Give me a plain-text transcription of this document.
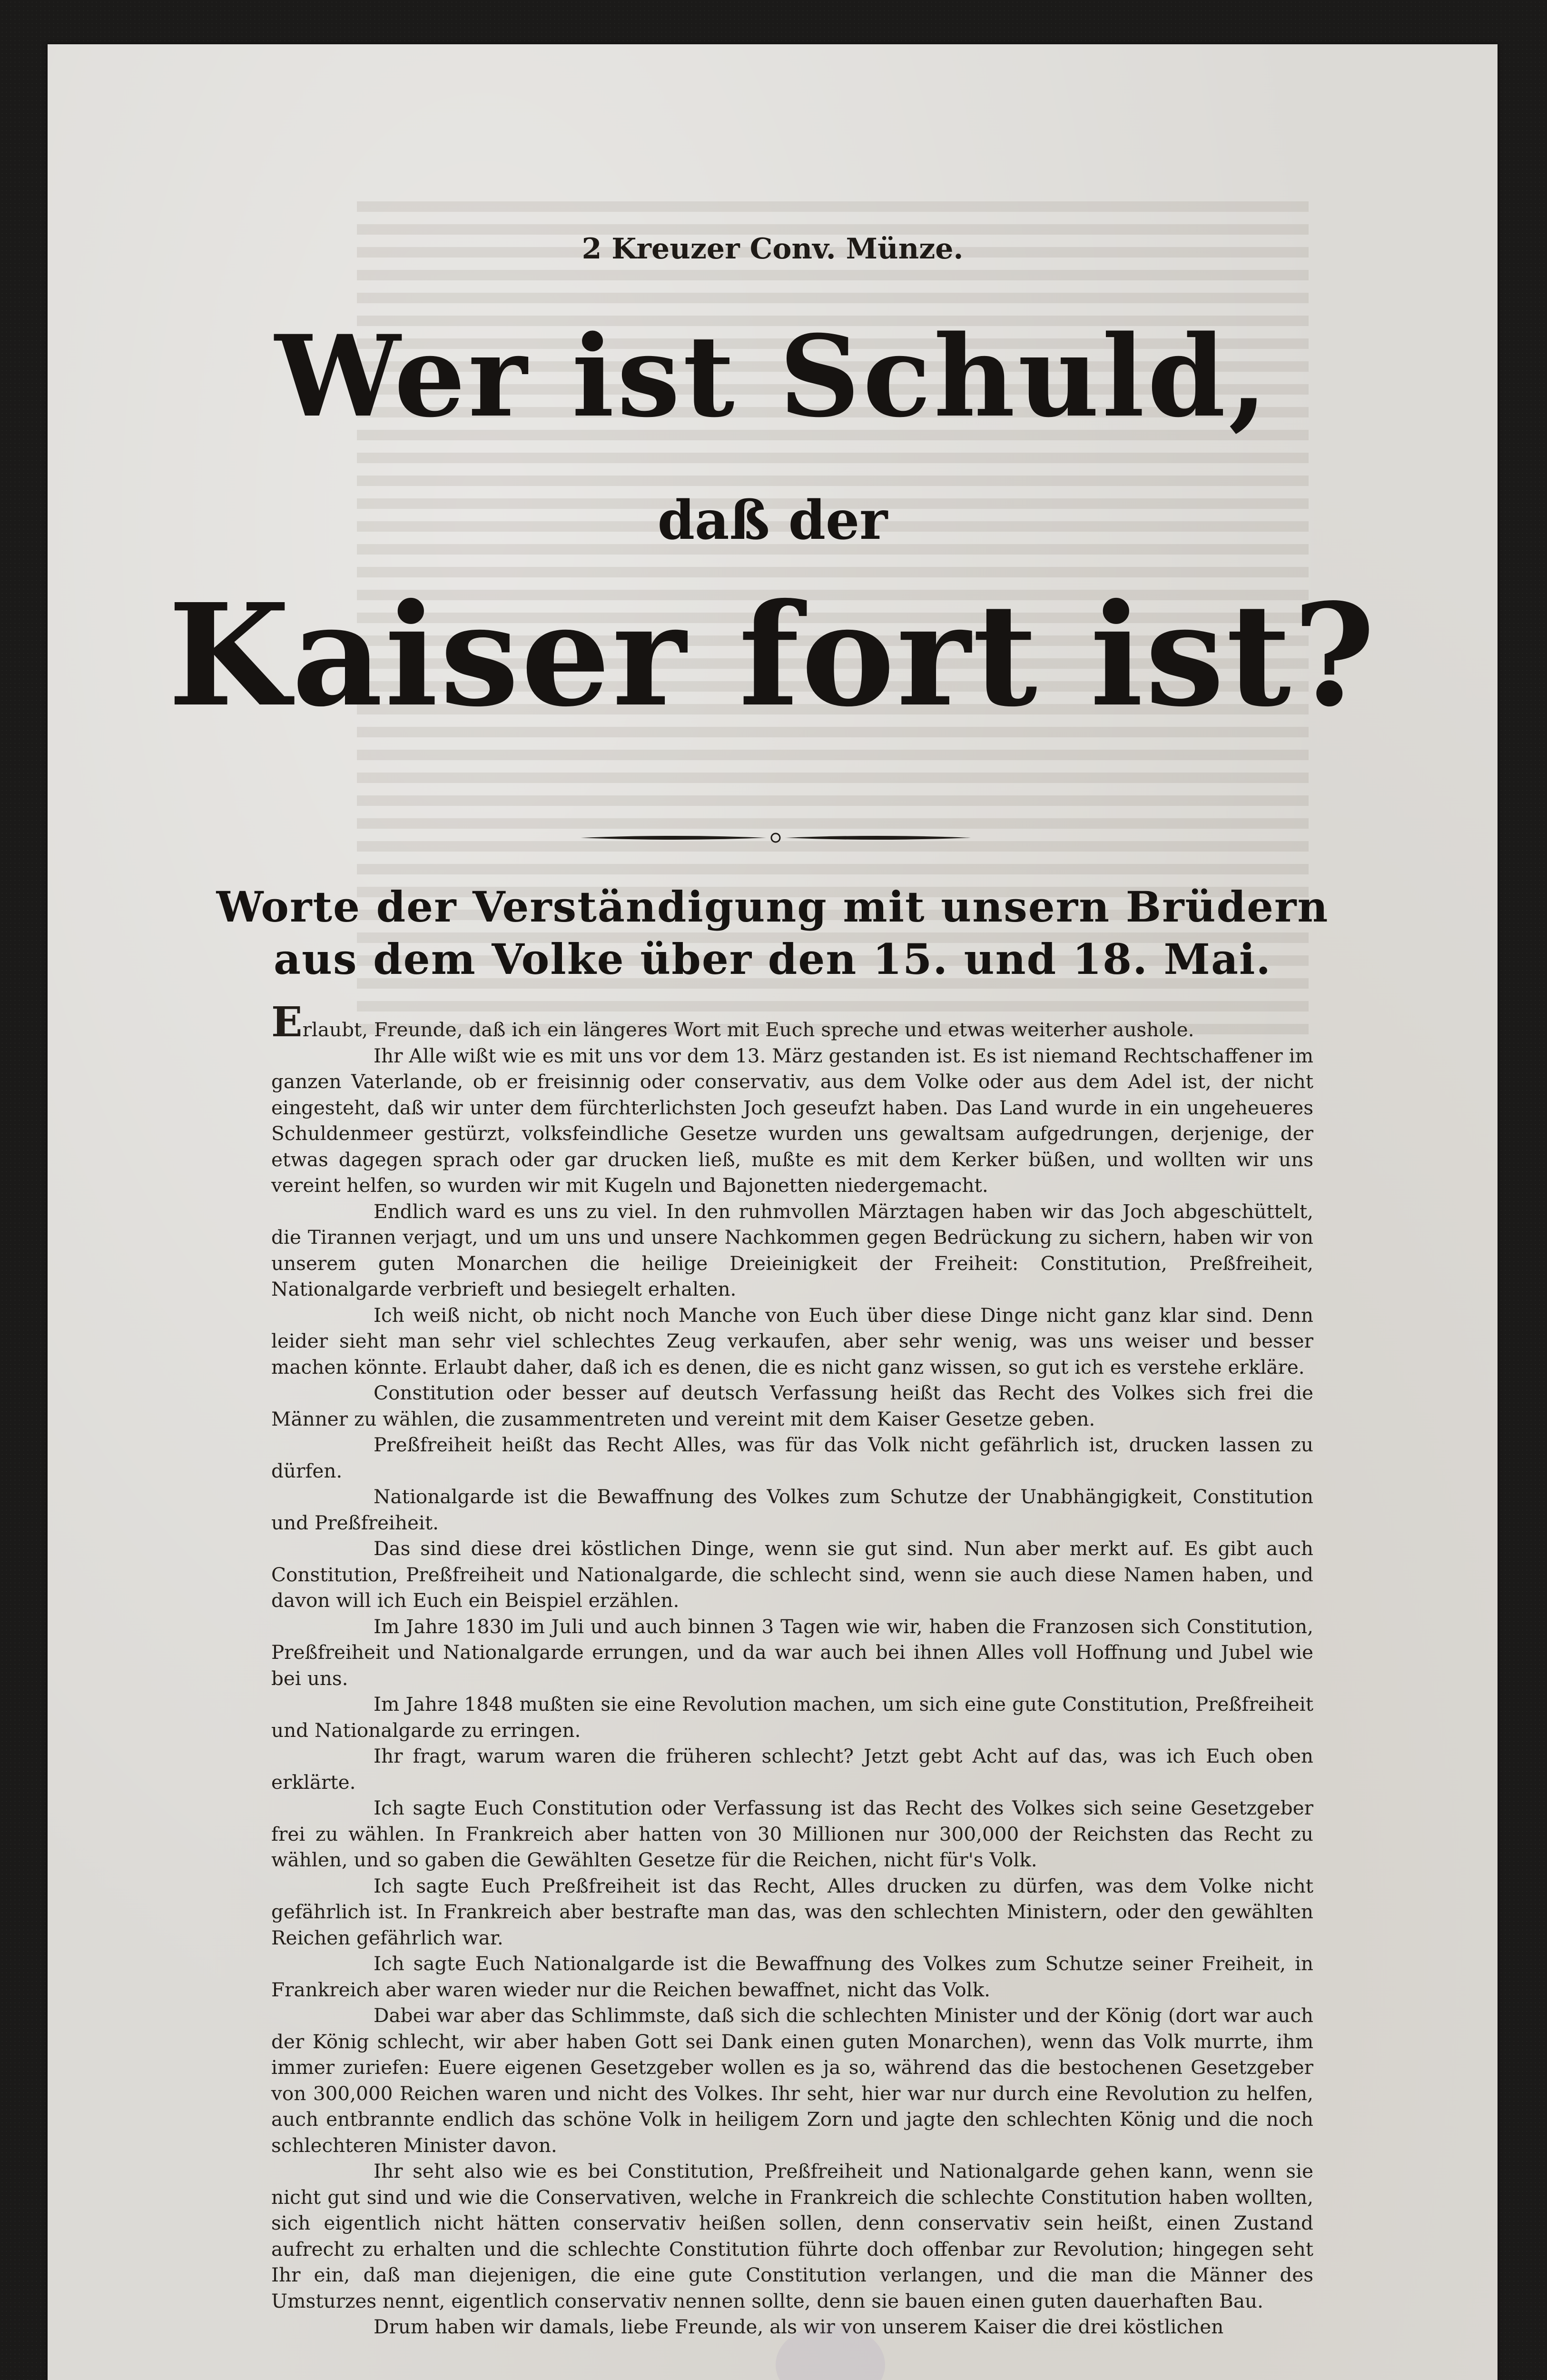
2 Kreuzer Conv. Münze.
Wer ist Schuld,
daß der
Kaiser fort ist?
Worte der Verständigung mit unsern Brüdern
aus dem Volke über den 15. und 18. Mai.

Erlaubt, Freunde, daß ich ein längeres Wort mit Euch spreche und etwas weiterher aushole.

Ihr Alle wißt wie es mit uns vor dem 13. März gestanden ist. Es ist niemand Rechtschaffener im ganzen Vaterlande, ob er freisinnig oder conservativ, aus dem Volke oder aus dem Adel ist, der nicht eingesteht, daß wir unter dem fürchterlichsten Joch geseufzt haben. Das Land wurde in ein ungeheueres Schuldenmeer gestürzt, volksfeindliche Gesetze wurden uns gewaltsam aufgedrungen, derjenige, der etwas dagegen sprach oder gar drucken ließ, mußte es mit dem Kerker büßen, und wollten wir uns vereint helfen, so wurden wir mit Kugeln und Bajonetten niedergemacht.

Endlich ward es uns zu viel. In den ruhmvollen Märztagen haben wir das Joch abgeschüttelt, die Tirannen verjagt, und um uns und unsere Nachkommen gegen Bedrückung zu sichern, haben wir von unserem guten Monarchen die heilige Dreieinigkeit der Freiheit: Constitution, Preßfreiheit, Nationalgarde verbrieft und besiegelt erhalten.

Ich weiß nicht, ob nicht noch Manche von Euch über diese Dinge nicht ganz klar sind. Denn leider sieht man sehr viel schlechtes Zeug verkaufen, aber sehr wenig, was uns weiser und besser machen könnte. Erlaubt daher, daß ich es denen, die es nicht ganz wissen, so gut ich es verstehe erkläre.

Constitution oder besser auf deutsch Verfassung heißt das Recht des Volkes sich frei die Männer zu wählen, die zusammentreten und vereint mit dem Kaiser Gesetze geben.

Preßfreiheit heißt das Recht Alles, was für das Volk nicht gefährlich ist, drucken lassen zu dürfen.

Nationalgarde ist die Bewaffnung des Volkes zum Schutze der Unabhängigkeit, Constitution und Preßfreiheit.

Das sind diese drei köstlichen Dinge, wenn sie gut sind. Nun aber merkt auf. Es gibt auch Constitution, Preßfreiheit und Nationalgarde, die schlecht sind, wenn sie auch diese Namen haben, und davon will ich Euch ein Beispiel erzählen.

Im Jahre 1830 im Juli und auch binnen 3 Tagen wie wir, haben die Franzosen sich Constitution, Preßfreiheit und Nationalgarde errungen, und da war auch bei ihnen Alles voll Hoffnung und Jubel wie bei uns.

Im Jahre 1848 mußten sie eine Revolution machen, um sich eine gute Constitution, Preßfreiheit und Nationalgarde zu erringen.

Ihr fragt, warum waren die früheren schlecht? Jetzt gebt Acht auf das, was ich Euch oben erklärte.

Ich sagte Euch Constitution oder Verfassung ist das Recht des Volkes sich seine Gesetzgeber frei zu wählen. In Frankreich aber hatten von 30 Millionen nur 300,000 der Reichsten das Recht zu wählen, und so gaben die Gewählten Gesetze für die Reichen, nicht für's Volk.

Ich sagte Euch Preßfreiheit ist das Recht, Alles drucken zu dürfen, was dem Volke nicht gefährlich ist. In Frankreich aber bestrafte man das, was den schlechten Ministern, oder den gewählten Reichen gefährlich war.

Ich sagte Euch Nationalgarde ist die Bewaffnung des Volkes zum Schutze seiner Freiheit, in Frankreich aber waren wieder nur die Reichen bewaffnet, nicht das Volk.

Dabei war aber das Schlimmste, daß sich die schlechten Minister und der König (dort war auch der König schlecht, wir aber haben Gott sei Dank einen guten Monarchen), wenn das Volk murrte, ihm immer zuriefen: Euere eigenen Gesetzgeber wollen es ja so, während das die bestochenen Gesetzgeber von 300,000 Reichen waren und nicht des Volkes. Ihr seht, hier war nur durch eine Revolution zu helfen, auch entbrannte endlich das schöne Volk in heiligem Zorn und jagte den schlechten König und die noch schlechteren Minister davon.

Ihr seht also wie es bei Constitution, Preßfreiheit und Nationalgarde gehen kann, wenn sie nicht gut sind und wie die Conservativen, welche in Frankreich die schlechte Constitution haben wollten, sich eigentlich nicht hätten conservativ heißen sollen, denn conservativ sein heißt, einen Zustand aufrecht zu erhalten und die schlechte Constitution führte doch offenbar zur Revolution; hingegen seht Ihr ein, daß man diejenigen, die eine gute Constitution verlangen, und die man die Männer des Umsturzes nennt, eigentlich conservativ nennen sollte, denn sie bauen einen guten dauerhaften Bau.

Drum haben wir damals, liebe Freunde, als wir von unserem Kaiser die drei köstlichen
